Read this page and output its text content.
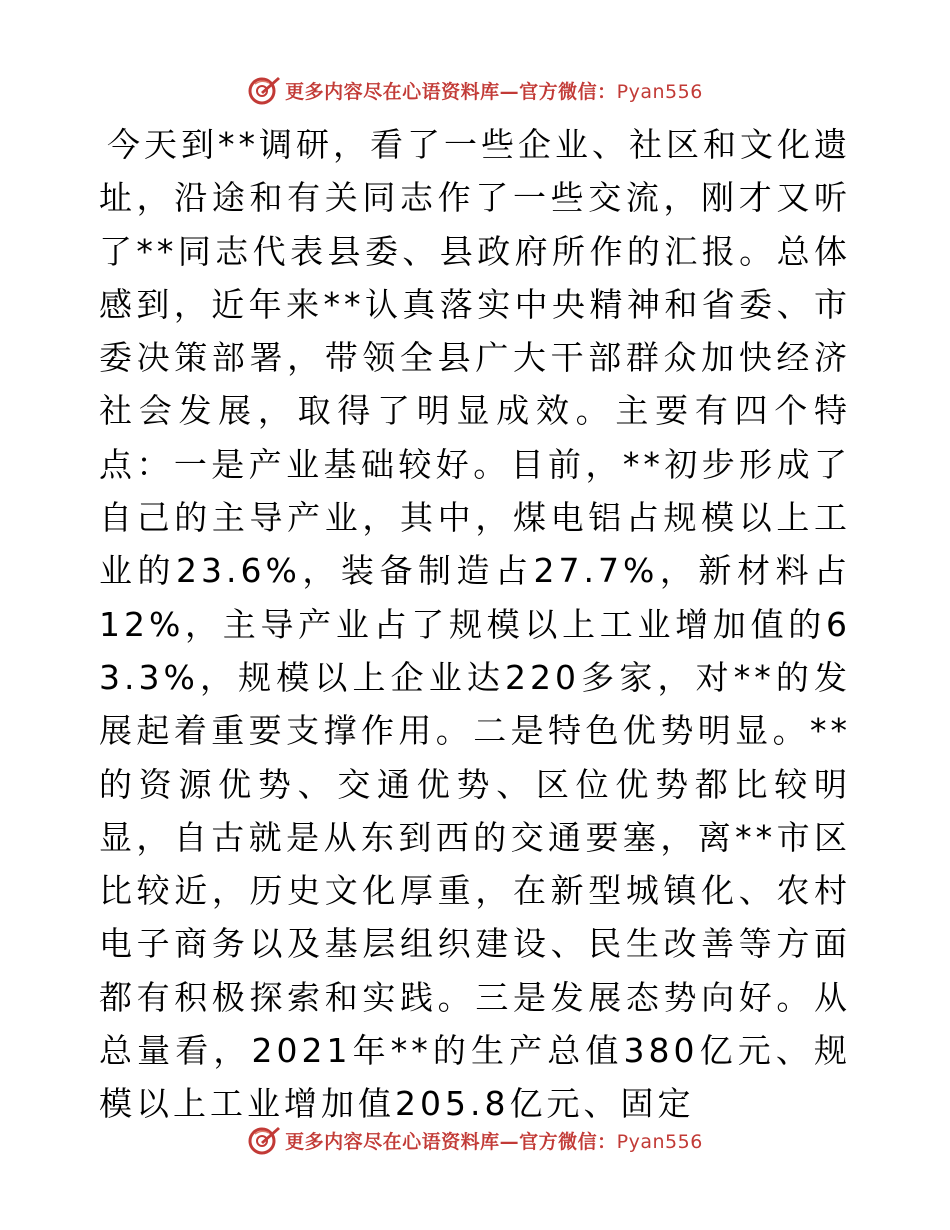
更多内容尽在心语资料库—官方微信：Pyan556

今天到**调研，看了一些企业、社区和文化遗址，沿途和有关同志作了一些交流，刚才又听了**同志代表县委、县政府所作的汇报。总体感到，近年来**认真落实中央精神和省委、市委决策部署，带领全县广大干部群众加快经济社会发展，取得了明显成效。主要有四个特点：一是产业基础较好。目前，**初步形成了自己的主导产业，其中，煤电铝占规模以上工业的23.6%，装备制造占27.7%，新材料占12%，主导产业占了规模以上工业增加值的63.3%，规模以上企业达220多家，对**的发展起着重要支撑作用。二是特色优势明显。**的资源优势、交通优势、区位优势都比较明显，自古就是从东到西的交通要塞，离**市区比较近，历史文化厚重，在新型城镇化、农村电子商务以及基层组织建设、民生改善等方面都有积极探索和实践。三是发展态势向好。从总量看，2021年**的生产总值380亿元、规模以上工业增加值205.8亿元、固定

更多内容尽在心语资料库—官方微信：Pyan556
